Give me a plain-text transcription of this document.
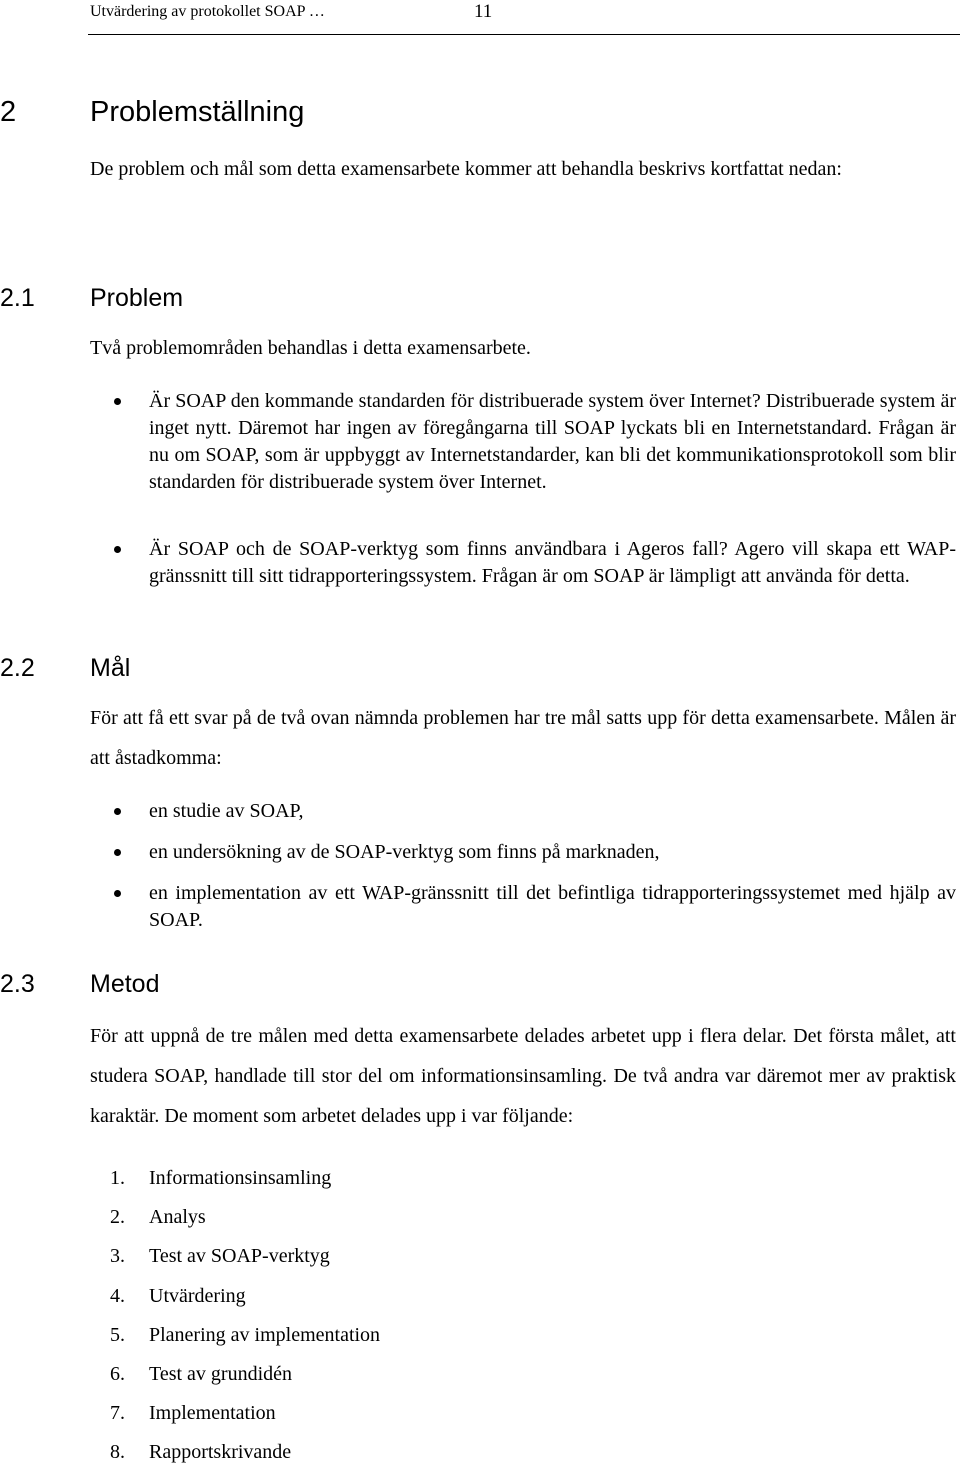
Utvärdering av protokollet SOAP …	11
2	Problemställning

De problem och mål som detta examensarbete kommer att behandla beskrivs kortfattat nedan:

2.1 Problem

Två problemområden behandlas i detta examensarbete.

Är SOAP den kommande standarden för distribuerade system över Internet? Distribuerade system är inget nytt. Däremot har ingen av föregångarna till SOAP lyckats bli en Internetstandard. Frågan är nu om SOAP, som är uppbyggt av Internetstandarder, kan bli det kommunikationsprotokoll som blir standarden för distribuerade system över Internet.
Är SOAP och de SOAP-verktyg som finns användbara i Ageros fall? Agero vill skapa ett WAP-gränssnitt till sitt tidrapporteringssystem. Frågan är om SOAP är lämpligt att använda för detta.
2.2 Mål

För att få ett svar på de två ovan nämnda problemen har tre mål satts upp för detta examensarbete. Målen är att åstadkomma:

en studie av SOAP,
en undersökning av de SOAP-verktyg som finns på marknaden,
en implementation av ett WAP-gränssnitt till det befintliga tidrapporteringssystemet med hjälp av SOAP.
2.3 Metod

För att uppnå de tre målen med detta examensarbete delades arbetet upp i flera delar. Det första målet, att studera SOAP, handlade till stor del om informationsinsamling. De två andra var däremot mer av praktisk karaktär. De moment som arbetet delades upp i var följande:

1. Informationsinsamling
2. Analys
3. Test av SOAP-verktyg
4. Utvärdering
5. Planering av implementation
6. Test av grundidén
7. Implementation
8. Rapportskrivande
